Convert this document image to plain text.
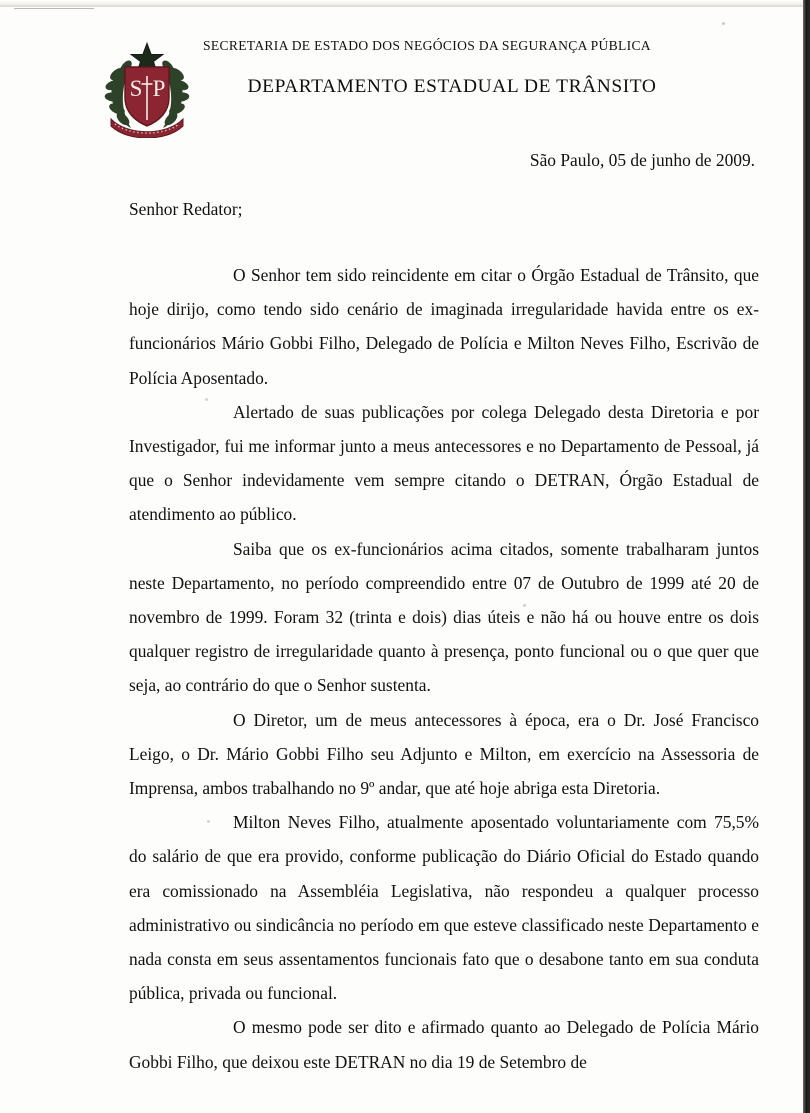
S P
SECRETARIA DE ESTADO DOS NEGÓCIOS DA SEGURANÇA PÚBLICA
DEPARTAMENTO ESTADUAL DE TRÂNSITO
São Paulo, 05 de junho de 2009.
Senhor Redator;

O Senhor tem sido reincidente em citar o Órgão Estadual de Trânsito, que hoje dirijo, como tendo sido cenário de imaginada irregularidade havida entre os ex-funcionários Mário Gobbi Filho, Delegado de Polícia e Milton Neves Filho, Escrivão de Polícia Aposentado.

Alertado de suas publicações por colega Delegado desta Diretoria e por Investigador, fui me informar junto a meus antecessores e no Departamento de Pessoal, já que o Senhor indevidamente vem sempre citando o DETRAN, Órgão Estadual de atendimento ao público.

Saiba que os ex-funcionários acima citados, somente trabalharam juntos neste Departamento, no período compreendido entre 07 de Outubro de 1999 até 20 de novembro de 1999. Foram 32 (trinta e dois) dias úteis e não há ou houve entre os dois qualquer registro de irregularidade quanto à presença, ponto funcional ou o que quer que seja, ao contrário do que o Senhor sustenta.

O Diretor, um de meus antecessores à época, era o Dr. José Francisco Leigo, o Dr. Mário Gobbi Filho seu Adjunto e Milton, em exercício na Assessoria de Imprensa, ambos trabalhando no 9º andar, que até hoje abriga esta Diretoria.

Milton Neves Filho, atualmente aposentado voluntariamente com 75,5% do salário de que era provido, conforme publicação do Diário Oficial do Estado quando era comissionado na Assembléia Legislativa, não respondeu a qualquer processo administrativo ou sindicância no período em que esteve classificado neste Departamento e nada consta em seus assentamentos funcionais fato que o desabone tanto em sua conduta pública, privada ou funcional.

O mesmo pode ser dito e afirmado quanto ao Delegado de Polícia Mário Gobbi Filho, que deixou este DETRAN no dia 19 de Setembro de
